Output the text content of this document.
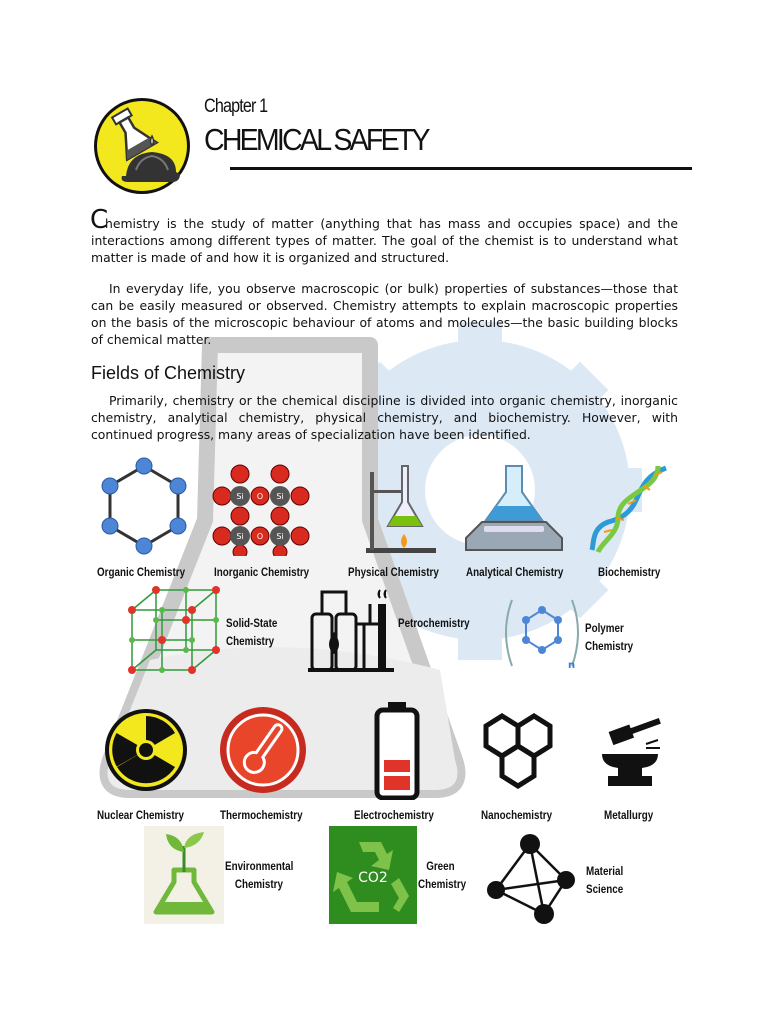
Chapter 1
CHEMICAL SAFETY
C

hemistry is the study of matter (anything that has mass and occupies space) and the interactions among different types of matter. The goal of the chemist is to understand what matter is made of and how it is organized and structured.

In everyday life, you observe macroscopic (or bulk) properties of substances—those that can be easily measured or observed. Chemistry attempts to explain macroscopic properties on the basis of the microscopic behaviour of atoms and molecules—the basic building blocks of chemical matter.

Fields of Chemistry

Primarily, chemistry or the chemical discipline is divided into organic chemistry, inorganic chemistry, analytical chemistry, physical chemistry, and biochemistry. However, with continued progress, many areas of specialization have been identified.

Organic Chemistry
Si	Si
Si	Si
O
O
Inorganic Chemistry	Physical Chemistry Analytical Chemistry	Biochemistry
Solid-State
Chemistry
Petrochemistry
n
Polymer
Chemistry
Nuclear Chemistry	Thermochemistry	Electrochemistry	Nanochemistry	Metallurgy
Environmental
Chemistry	CO2
Green
Chemistry
Material
Science
